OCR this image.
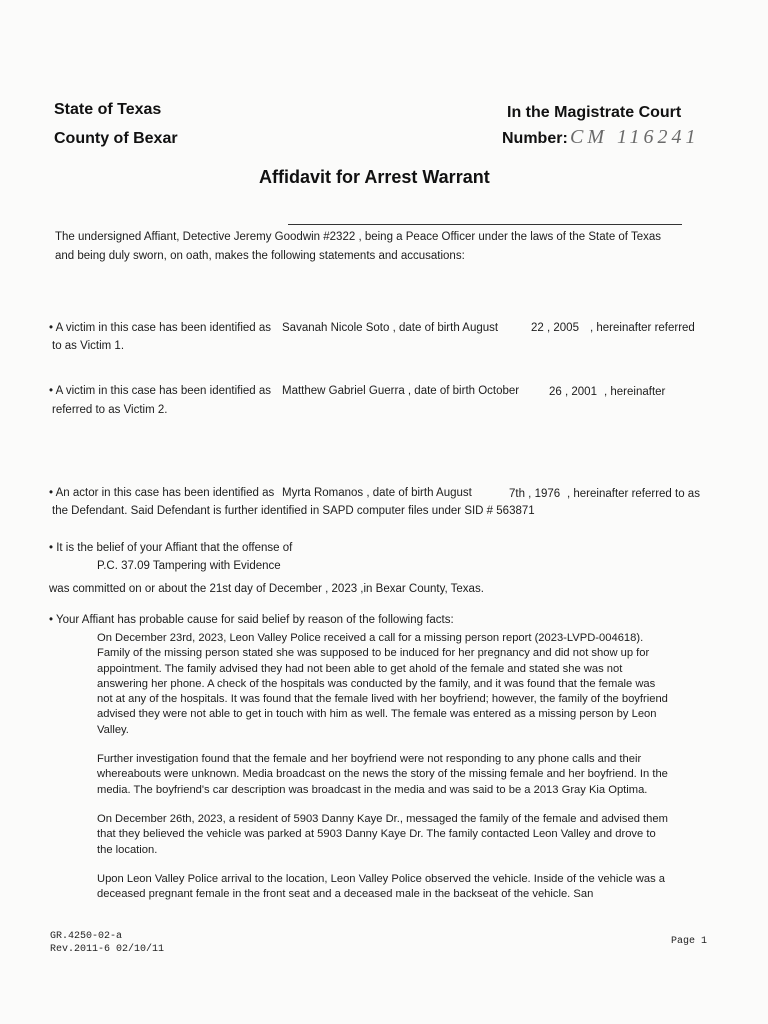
State of Texas
County of Bexar
In the Magistrate Court
Number: CM 116241
Affidavit for Arrest Warrant
The undersigned Affiant, Detective Jeremy Goodwin #2322 , being a Peace Officer under the laws of the State of Texas
and being duly sworn, on oath, makes the following statements and accusations:
• A victim in this case has been identified as Savanah Nicole Soto , date of birth August	22 , 2005 , hereinafter referred
to as Victim 1.
• A victim in this case has been identified as Matthew Gabriel Guerra , date of birth October	26 , 2001 , hereinafter
referred to as Victim 2.
• An actor in this case has been identified as Myrta Romanos , date of birth August	7th , 1976 , hereinafter referred to as
the Defendant. Said Defendant is further identified in SAPD computer files under SID # 563871
• It is the belief of your Affiant that the offense of
P.C. 37.09 Tampering with Evidence
was committed on or about the 21st day of December , 2023 ,in Bexar County, Texas.
• Your Affiant has probable cause for said belief by reason of the following facts:

On December 23rd, 2023, Leon Valley Police received a call for a missing person report (2023-LVPD-004618). Family of the missing person stated she was supposed to be induced for her pregnancy and did not show up for appointment. The family advised they had not been able to get ahold of the female and stated she was not answering her phone. A check of the hospitals was conducted by the family, and it was found that the female was not at any of the hospitals. It was found that the female lived with her boyfriend; however, the family of the boyfriend advised they were not able to get in touch with him as well. The female was entered as a missing person by Leon Valley.

Further investigation found that the female and her boyfriend were not responding to any phone calls and their whereabouts were unknown. Media broadcast on the news the story of the missing female and her boyfriend. In the media. The boyfriend's car description was broadcast in the media and was said to be a 2013 Gray Kia Optima.

On December 26th, 2023, a resident of 5903 Danny Kaye Dr., messaged the family of the female and advised them that they believed the vehicle was parked at 5903 Danny Kaye Dr. The family contacted Leon Valley and drove to the location.

Upon Leon Valley Police arrival to the location, Leon Valley Police observed the vehicle. Inside of the vehicle was a deceased pregnant female in the front seat and a deceased male in the backseat of the vehicle. San

GR.4250-02-a
Rev.2011-6 02/10/11
Page 1
